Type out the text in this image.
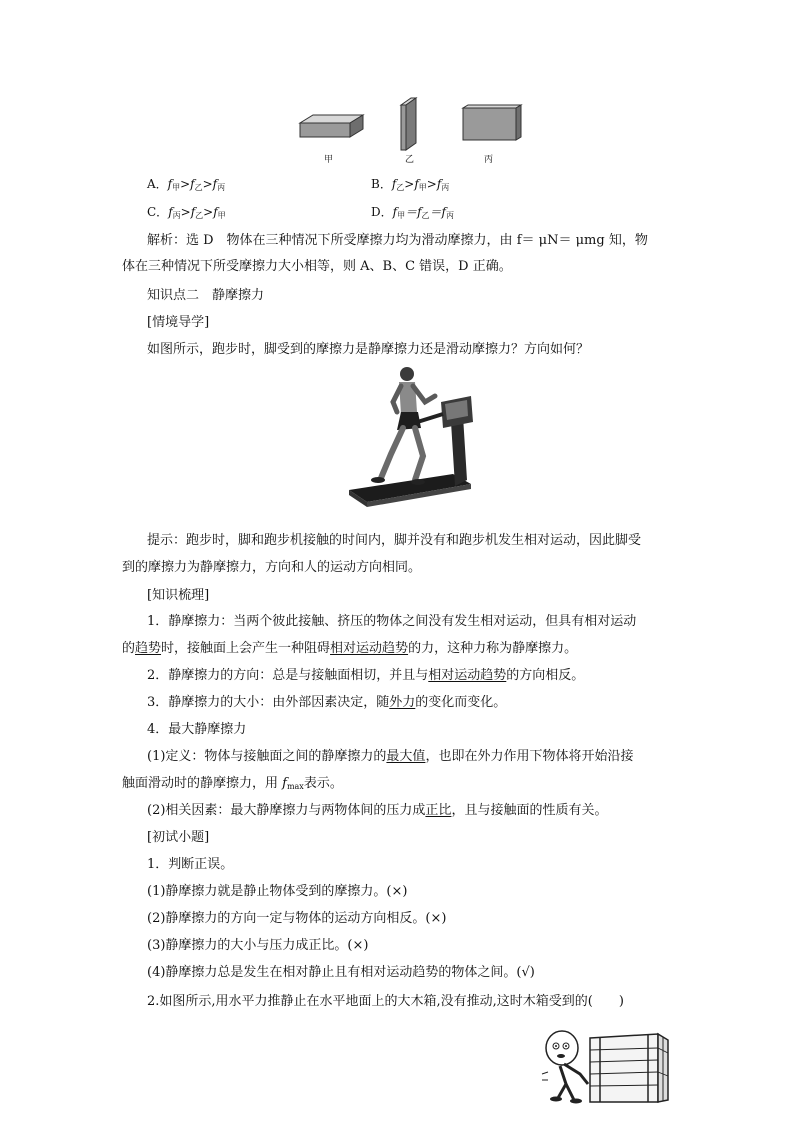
甲	乙	丙
A．$f_甲>f_乙>f_丙$	B．$f_乙>f_甲>f_丙$
C．$f_丙>f_乙>f_甲$	D．$f_甲=f_乙=f_丙$
解析：选 D　物体在三种情况下所受摩擦力均为滑动摩擦力，由 f＝ μN＝ μmg 知，物
体在三种情况下所受摩擦力大小相等，则 A、B、C 错误，D 正确。
知识点二　静摩擦力
[情境导学]
如图所示，跑步时，脚受到的摩擦力是静摩擦力还是滑动摩擦力？方向如何？
提示：跑步时，脚和跑步机接触的时间内，脚并没有和跑步机发生相对运动，因此脚受
到的摩擦力为静摩擦力，方向和人的运动方向相同。
[知识梳理]
1．静摩擦力：当两个彼此接触、挤压的物体之间没有发生相对运动，但具有相对运动
的趋势时，接触面上会产生一种阻碍相对运动趋势的力，这种力称为静摩擦力。
2．静摩擦力的方向：总是与接触面相切，并且与相对运动趋势的方向相反。
3．静摩擦力的大小：由外部因素决定，随外力的变化而变化。
4．最大静摩擦力
(1)定义：物体与接触面之间的静摩擦力的最大值，也即在外力作用下物体将开始沿接
触面滑动时的静摩擦力，用 $f_{max}$表示。
(2)相关因素：最大静摩擦力与两物体间的压力成正比，且与接触面的性质有关。
[初试小题]
1．判断正误。
(1)静摩擦力就是静止物体受到的摩擦力。(×)
(2)静摩擦力的方向一定与物体的运动方向相反。(×)
(3)静摩擦力的大小与压力成正比。(×)
(4)静摩擦力总是发生在相对静止且有相对运动趋势的物体之间。(√)
2.如图所示,用水平力推静止在水平地面上的大木箱,没有推动,这时木箱受到的(　　)
